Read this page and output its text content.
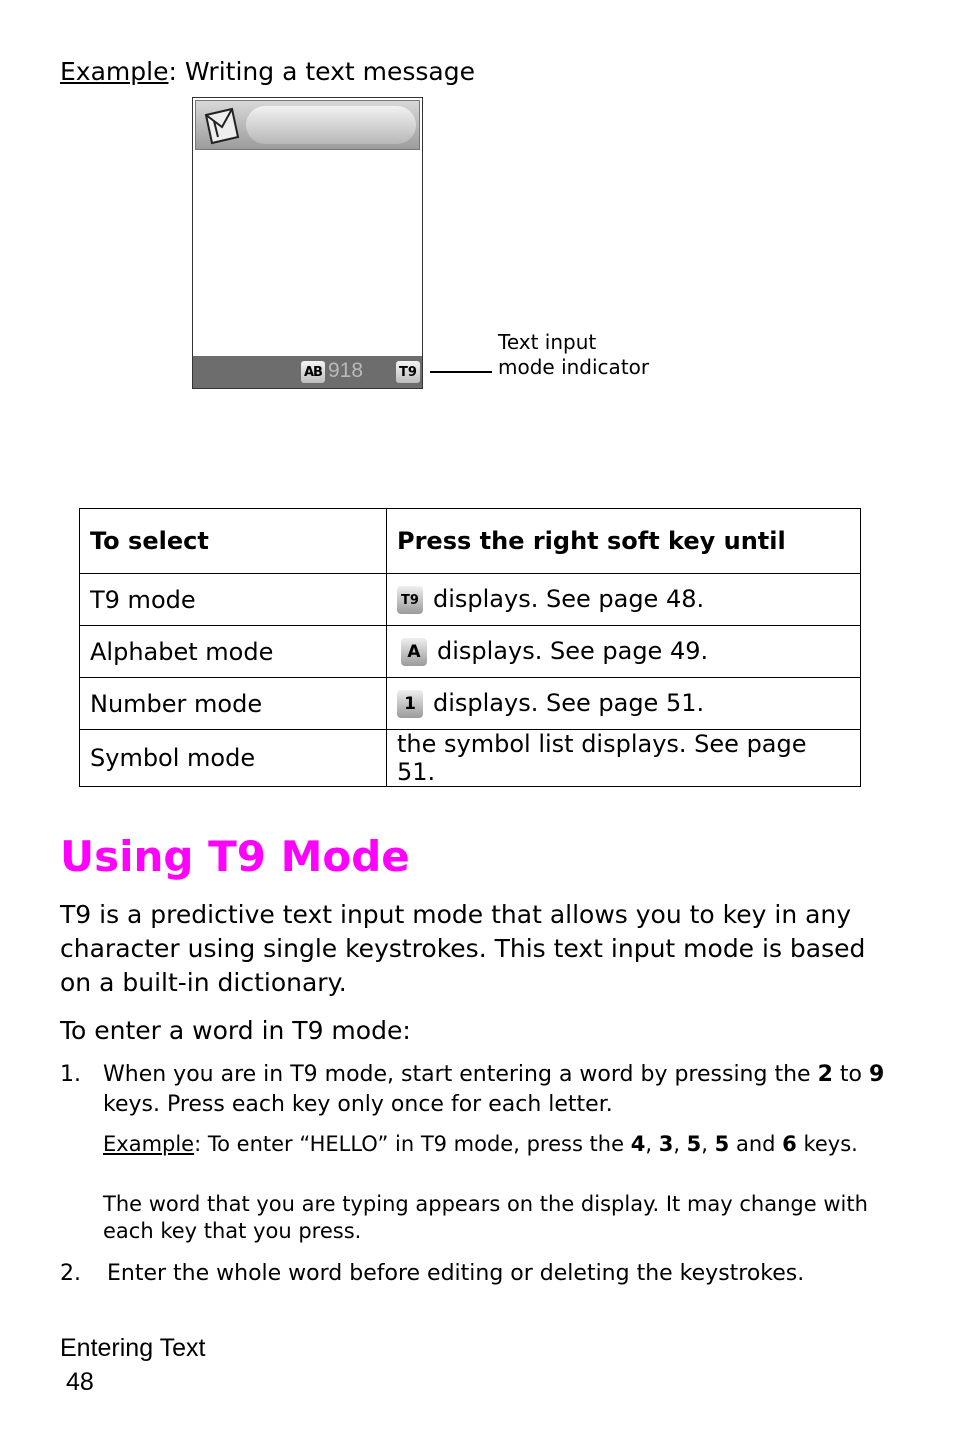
Example: Writing a text message
AB 918	T9
Text input
mode indicator
To select	Press the right soft key until
T9 mode	T9 displays. See page 48.
Alphabet mode	A displays. See page 49.
Number mode	1 displays. See page 51.
Symbol mode	the symbol list displays. See page 51.
Using T9 Mode
T9 is a predictive text input mode that allows you to key in any character using single keystrokes. This text input mode is based on a built-in dictionary.
To enter a word in T9 mode:
1. When you are in T9 mode, start entering a word by pressing the 2 to 9 keys. Press each key only once for each letter.
Example: To enter “HELLO” in T9 mode, press the 4, 3, 5, 5 and 6 keys.
The word that you are typing appears on the display. It may change with each key that you press.
2. Enter the whole word before editing or deleting the keystrokes.
Entering Text
48
